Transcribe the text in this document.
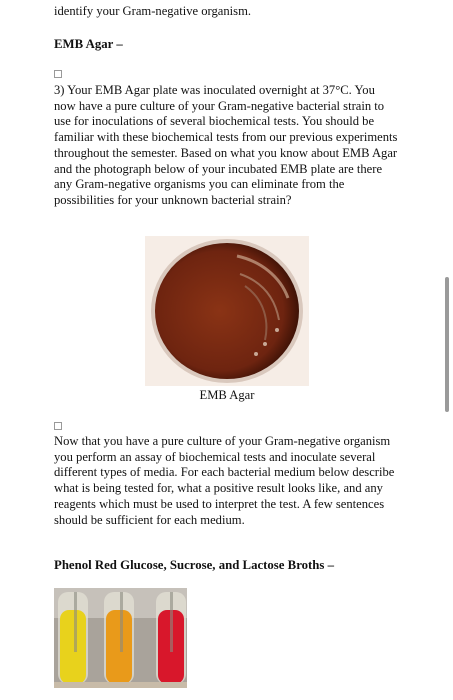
identify your Gram-negative organism.
EMB Agar –
3) Your EMB Agar plate was inoculated overnight at 37°C. You now have a pure culture of your Gram-negative bacterial strain to use for inoculations of several biochemical tests. You should be familiar with these biochemical tests from our previous experiments throughout the semester. Based on what you know about EMB Agar and the photograph below of your incubated EMB plate are there any Gram-negative organisms you can eliminate from the possibilities for your unknown bacterial strain?
EMB Agar
Now that you have a pure culture of your Gram-negative organism you perform an assay of biochemical tests and inoculate several different types of media. For each bacterial medium below describe what is being tested for, what a positive result looks like, and any reagents which must be used to interpret the test. A few sentences should be sufficient for each medium.
Phenol Red Glucose, Sucrose, and Lactose Broths –
